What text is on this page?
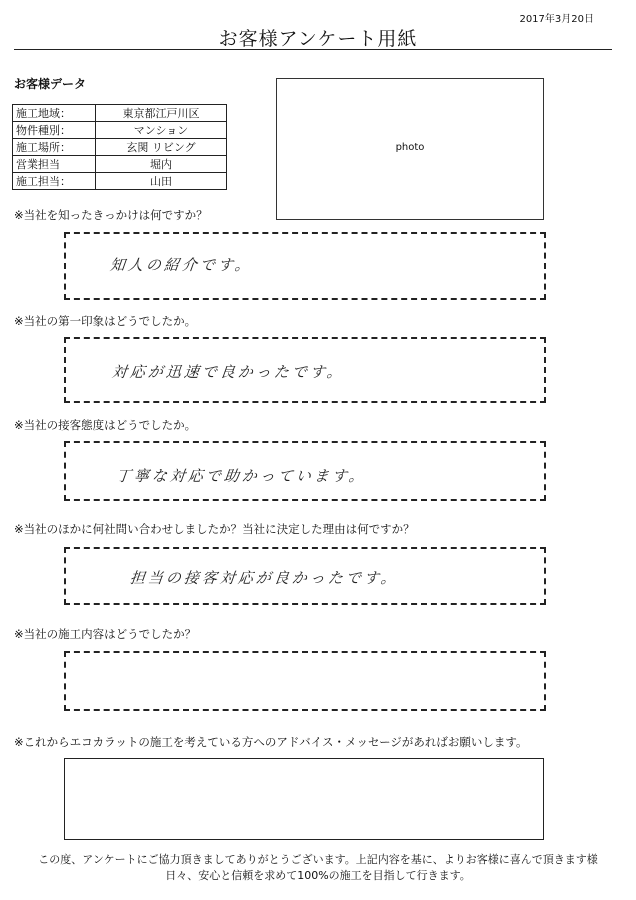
2017年3月20日
お客様アンケート用紙
お客様データ
施工地域：	東京都江戸川区
物件種別：	マンション
施工場所：	玄関 リビング
営業担当	堀内
施工担当：	山田
photo
※当社を知ったきっかけは何ですか？
知人の紹介です。
※当社の第一印象はどうでしたか。
対応が迅速で良かったです。
※当社の接客態度はどうでしたか。
丁寧な対応で助かっています。
※当社のほかに何社問い合わせしましたか？当社に決定した理由は何ですか？
担当の接客対応が良かったです。
※当社の施工内容はどうでしたか？
※これからエコカラットの施工を考えている方へのアドバイス・メッセージがあればお願いします。
この度、アンケートにご協力頂きましてありがとうございます。上記内容を基に、よりお客様に喜んで頂きます様
日々、安心と信頼を求めて100%の施工を目指して行きます。
